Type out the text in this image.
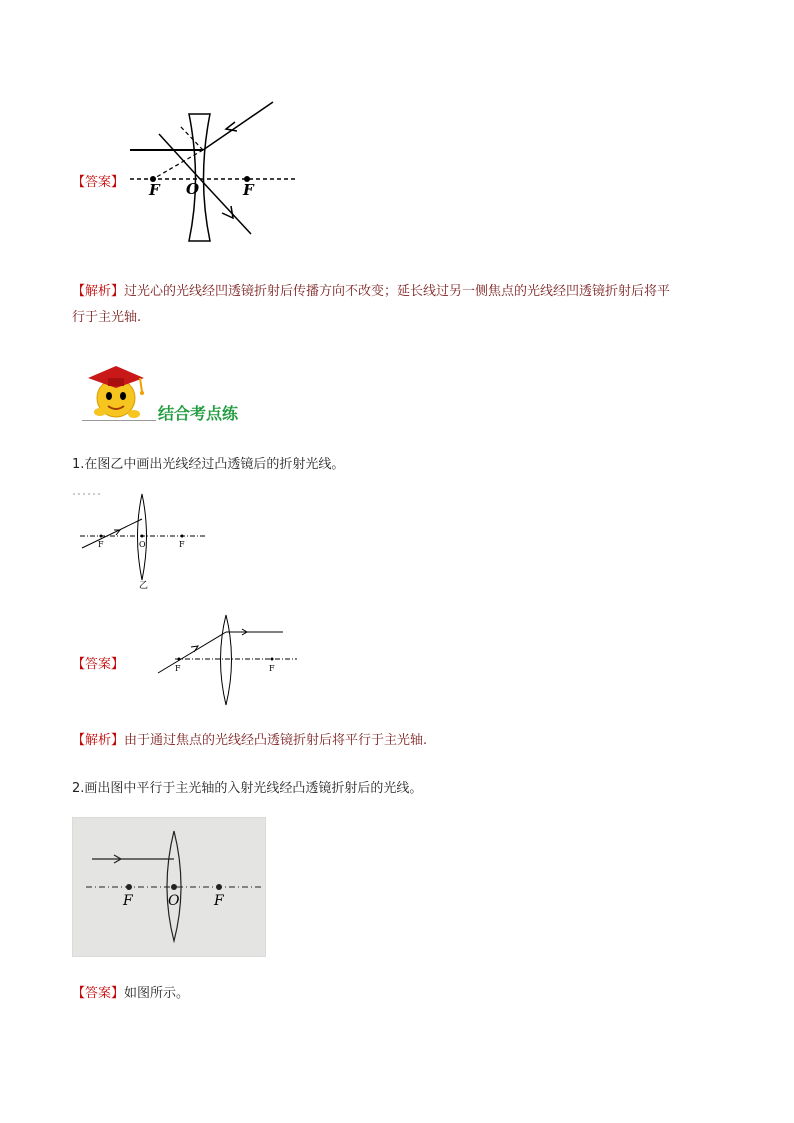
【答案】 F O	F
【解析】过光心的光线经凹透镜折射后传播方向不改变；延长线过另一侧焦点的光线经凹透镜折射后将平
行于主光轴.
结合考点练
1.在图乙中画出光线经过凸透镜后的折射光线。
F	O	F
乙
【答案】	F	F
【解析】由于通过焦点的光线经凸透镜折射后将平行于主光轴.
2.画出图中平行于主光轴的入射光线经凸透镜折射后的光线。
F	O F
【答案】如图所示。
